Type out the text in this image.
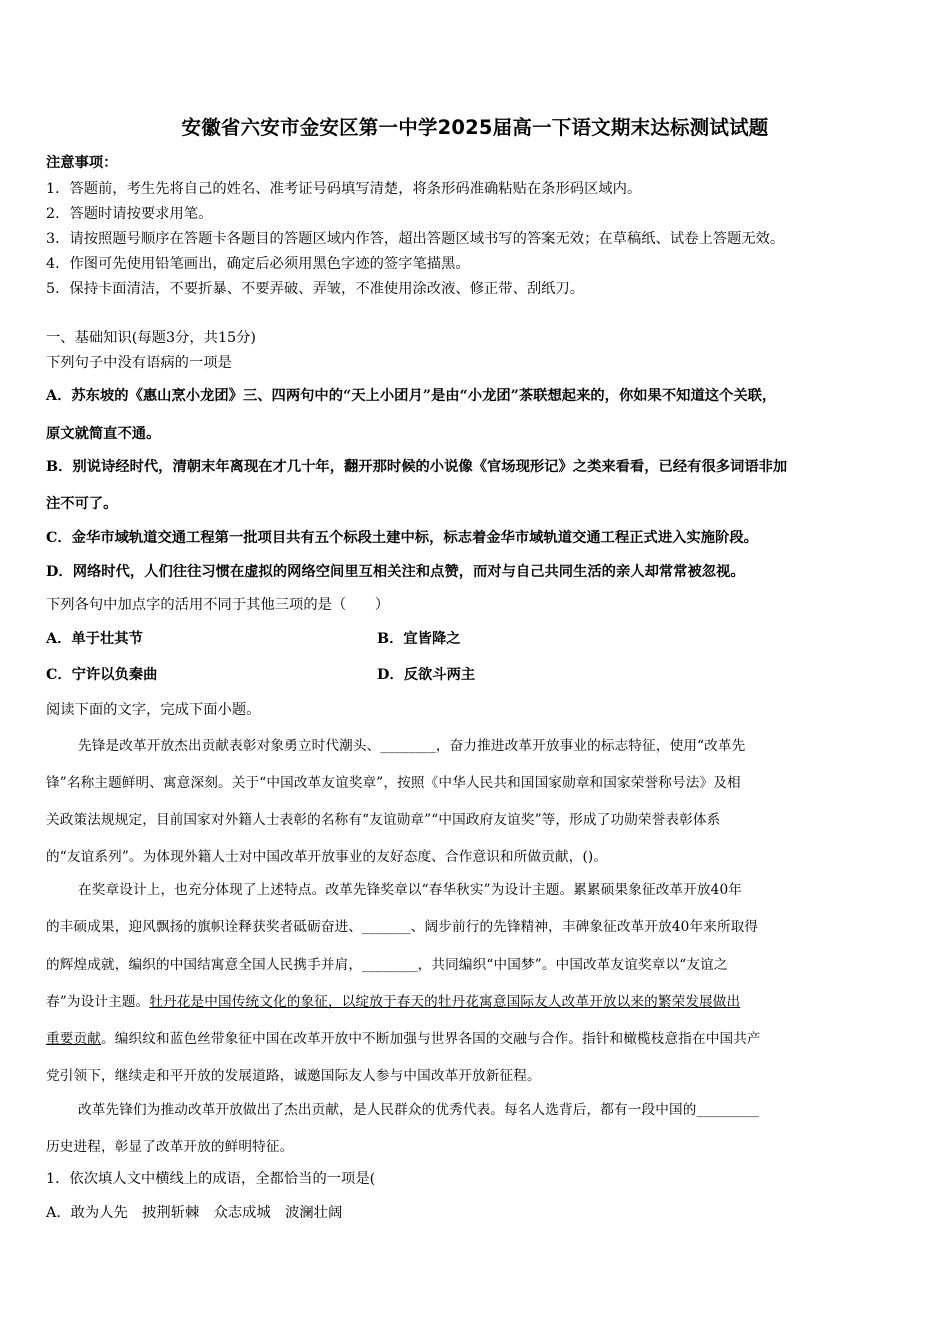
安徽省六安市金安区第一中学2025届高一下语文期末达标测试试题
注意事项：
1．答题前，考生先将自己的姓名、准考证号码填写清楚，将条形码准确粘贴在条形码区域内。
2．答题时请按要求用笔。
3．请按照题号顺序在答题卡各题目的答题区域内作答，超出答题区域书写的答案无效；在草稿纸、试卷上答题无效。
4．作图可先使用铅笔画出，确定后必须用黑色字迹的签字笔描黑。
5．保持卡面清洁，不要折暴、不要弄破、弄皱，不准使用涂改液、修正带、刮纸刀。
一、基础知识(每题3分，共15分)
下列句子中没有语病的一项是
A．苏东坡的《惠山烹小龙团》三、四两句中的“天上小团月”是由“小龙团”茶联想起来的，你如果不知道这个关联，
原文就简直不通。
B．别说诗经时代，清朝末年离现在才几十年，翻开那时候的小说像《官场现形记》之类来看看，已经有很多词语非加
注不可了。
C．金华市域轨道交通工程第一批项目共有五个标段土建中标，标志着金华市域轨道交通工程正式进入实施阶段。
D．网络时代，人们往往习惯在虚拟的网络空间里互相关注和点赞，而对与自己共同生活的亲人却常常被忽视。
下列各句中加点字的活用不同于其他三项的是（　　）
A．单于壮其节	B．宜皆降之
C．宁许以负秦曲	D．反欲斗两主
阅读下面的文字，完成下面小题。
先锋是改革开放杰出贡献表彰对象勇立时代潮头、________，奋力推进改革开放事业的标志特征，使用“改革先
锋”名称主题鲜明、寓意深刻。关于“中国改革友谊奖章”，按照《中华人民共和国国家勋章和国家荣誉称号法》及相
关政策法规规定，目前国家对外籍人士表彰的名称有“友谊勋章”“中国政府友谊奖”等，形成了功勋荣誉表彰体系
的“友谊系列”。为体现外籍人士对中国改革开放事业的友好态度、合作意识和所做贡献，()。
在奖章设计上，也充分体现了上述特点。改革先锋奖章以“春华秋实”为设计主题。累累硕果象征改革开放40年
的丰硕成果，迎风飘扬的旗帜诠释获奖者砥砺奋进、_______、阔步前行的先锋精神，丰碑象征改革开放40年来所取得
的辉煌成就，编织的中国结寓意全国人民携手并肩，________，共同编织“中国梦”。中国改革友谊奖章以“友谊之
春”为设计主题。牡丹花是中国传统文化的象征，以绽放于春天的牡丹花寓意国际友人改革开放以来的繁荣发展做出
重要贡献。编织纹和蓝色丝带象征中国在改革开放中不断加强与世界各国的交融与合作。指针和橄榄枝意指在中国共产
党引领下，继续走和平开放的发展道路，诚邀国际友人参与中国改革开放新征程。
改革先锋们为推动改革开放做出了杰出贡献，是人民群众的优秀代表。每名人选背后，都有一段中国的_________
历史进程，彰显了改革开放的鲜明特征。
1．依次填人文中横线上的成语，全都恰当的一项是(
A．敢为人先　披荆斩棘　众志成城　波澜壮阔
